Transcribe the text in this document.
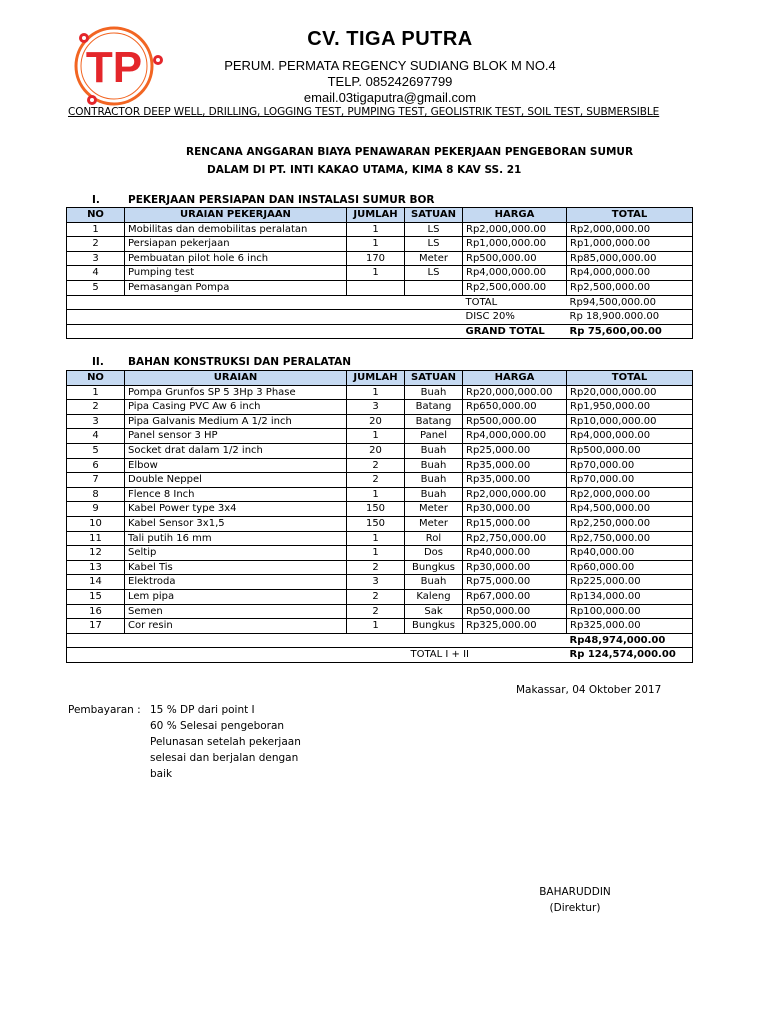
TP
CV. TIGA PUTRA
PERUM. PERMATA REGENCY SUDIANG BLOK M NO.4
TELP. 085242697799
email.03tigaputra@gmail.com
CONTRACTOR DEEP WELL, DRILLING, LOGGING TEST, PUMPING TEST, GEOLISTRIK TEST, SOIL TEST, SUBMERSIBLE
RENCANA ANGGARAN BIAYA PENAWARAN PEKERJAAN PENGEBORAN SUMUR
DALAM DI PT. INTI KAKAO UTAMA, KIMA 8 KAV SS. 21
I.	PEKERJAAN PERSIAPAN DAN INSTALASI SUMUR BOR
NO	URAIAN PEKERJAAN	JUMLAH	SATUAN	HARGA	TOTAL
1	Mobilitas dan demobilitas peralatan	1	LS	Rp2,000,000.00	Rp2,000,000.00
2	Persiapan pekerjaan	1	LS	Rp1,000,000.00	Rp1,000,000.00
3	Pembuatan pilot hole 6 inch	170	Meter	Rp500,000.00	Rp85,000,000.00
4	Pumping test	1	LS	Rp4,000,000.00	Rp4,000,000.00
5	Pemasangan Pompa			Rp2,500,000.00	Rp2,500,000.00
				TOTAL	Rp94,500,000.00
				DISC 20%	Rp 18,900.000.00
				GRAND TOTAL	Rp 75,600,00.00
II. BAHAN KONSTRUKSI DAN PERALATAN
NO	URAIAN	JUMLAH	SATUAN	HARGA	TOTAL
1	Pompa Grunfos SP 5 3Hp 3 Phase	1	Buah	Rp20,000,000.00	Rp20,000,000.00
2	Pipa Casing PVC Aw 6 inch	3	Batang	Rp650,000.00	Rp1,950,000.00
3	Pipa Galvanis Medium A 1/2 inch	20	Batang	Rp500,000.00	Rp10,000,000.00
4	Panel sensor 3 HP	1	Panel	Rp4,000,000.00	Rp4,000,000.00
5	Socket drat dalam 1/2 inch	20	Buah	Rp25,000.00	Rp500,000.00
6	Elbow	2	Buah	Rp35,000.00	Rp70,000.00
7	Double Neppel	2	Buah	Rp35,000.00	Rp70,000.00
8	Flence 8 Inch	1	Buah	Rp2,000,000.00	Rp2,000,000.00
9	Kabel Power type 3x4	150	Meter	Rp30,000.00	Rp4,500,000.00
10	Kabel Sensor 3x1,5	150	Meter	Rp15,000.00	Rp2,250,000.00
11	Tali putih 16 mm	1	Rol	Rp2,750,000.00	Rp2,750,000.00
12	Seltip	1	Dos	Rp40,000.00	Rp40,000.00
13	Kabel Tis	2	Bungkus	Rp30,000.00	Rp60,000.00
14	Elektroda	3	Buah	Rp75,000.00	Rp225,000.00
15	Lem pipa	2	Kaleng	Rp67,000.00	Rp134,000.00
16	Semen	2	Sak	Rp50,000.00	Rp100,000.00
17	Cor resin	1	Bungkus	Rp325,000.00	Rp325,000.00
					Rp48,974,000.00
			TOTAL I + II		Rp 124,574,000.00
Makassar, 04 Oktober 2017
Pembayaran : 15 % DP dari point I
60 % Selesai pengeboran
Pelunasan setelah pekerjaan
selesai dan berjalan dengan
baik
BAHARUDDIN
(Direktur)
